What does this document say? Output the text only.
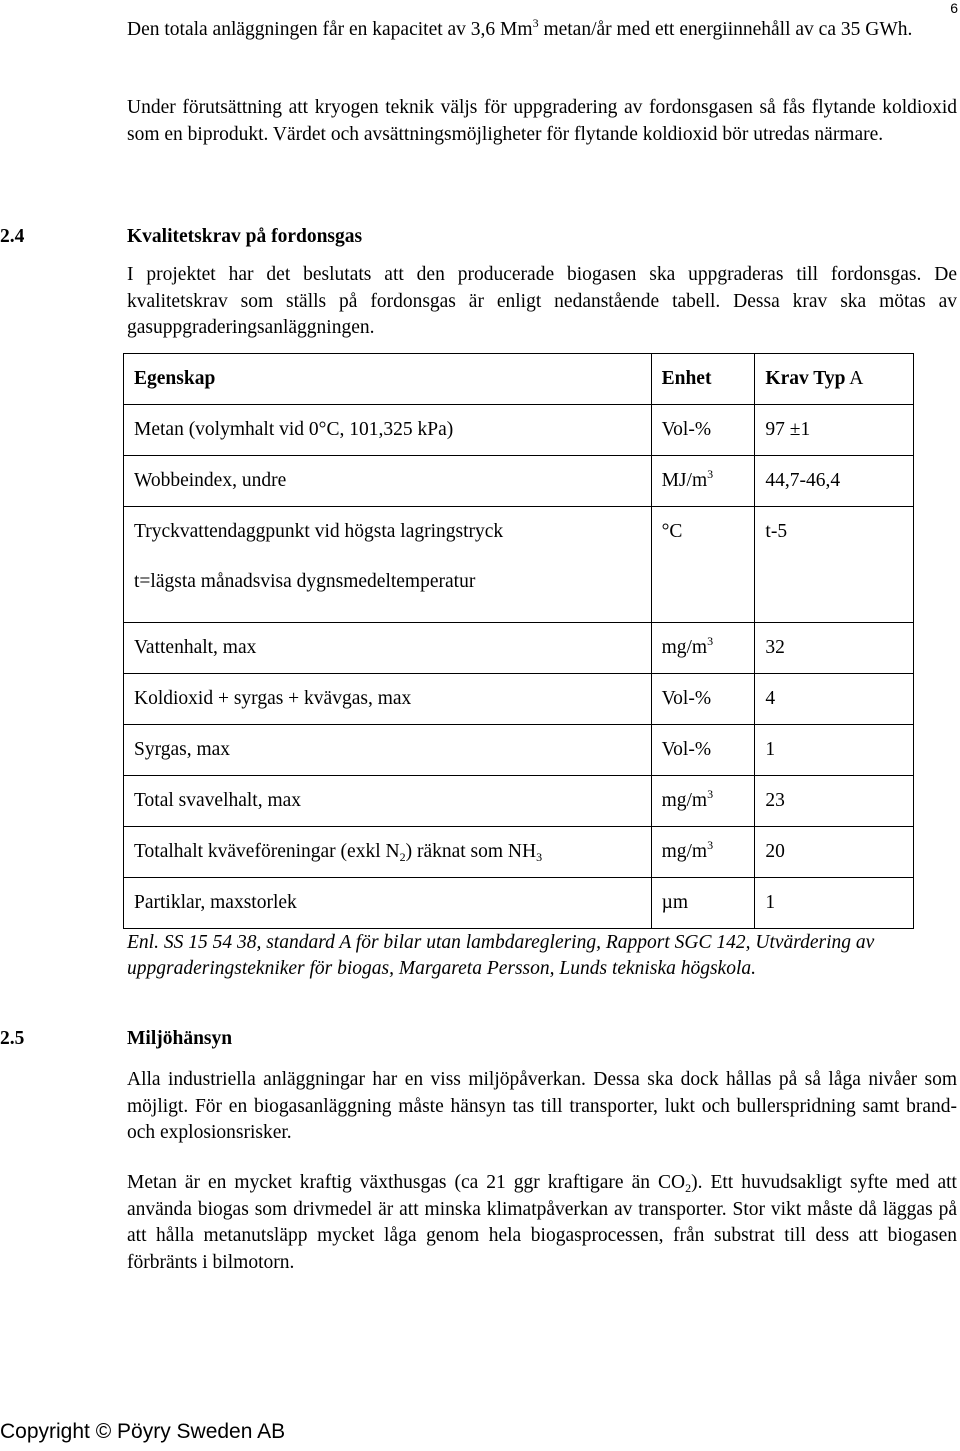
6

Den totala anläggningen får en kapacitet av 3,6 Mm$^3$ metan/år med ett energiinnehåll av ca 35 GWh.

Under förutsättning att kryogen teknik väljs för uppgradering av fordonsgasen så fås flytande koldioxid som en biprodukt. Värdet och avsättningsmöjligheter för flytande koldioxid bör utredas närmare.

2.4	Kvalitetskrav på fordonsgas

I projektet har det beslutats att den producerade biogasen ska uppgraderas till fordonsgas. De kvalitetskrav som ställs på fordonsgas är enligt nedanstående tabell. Dessa krav ska mötas av gasuppgraderingsanläggningen.

Egenskap	Enhet	Krav Typ A
Metan (volymhalt vid 0°C, 101,325 kPa)	Vol-%	97 ±1
Wobbeindex, undre	$MJ/m^3$	44,7-46,4

Tryckvattendaggpunkt vid högsta lagringstryck
t=lägsta månadsvisa dygnsmedeltemperatur	°C	t-5
Vattenhalt, max	$mg/m^3$	32
Koldioxid + syrgas + kvävgas, max	Vol-%	4
Syrgas, max	Vol-%	1
Total svavelhalt, max	$mg/m^3$	23
Totalhalt kväveföreningar (exkl $N_2$) räknat som $NH_3$	$mg/m^3$	20
Partiklar, maxstorlek	µm	1

Enl. SS 15 54 38, standard A för bilar utan lambdareglering, Rapport SGC 142, Utvärdering av uppgraderingstekniker för biogas, Margareta Persson, Lunds tekniska högskola.

2.5	Miljöhänsyn

Alla industriella anläggningar har en viss miljöpåverkan. Dessa ska dock hållas på så låga nivåer som möjligt. För en biogasanläggning måste hänsyn tas till transporter, lukt och bullerspridning samt brand- och explosionsrisker.

Metan är en mycket kraftig växthusgas (ca 21 ggr kraftigare än $CO_2$). Ett huvudsakligt syfte med att använda biogas som drivmedel är att minska klimatpåverkan av transporter. Stor vikt måste då läggas på att hålla metanutsläpp mycket låga genom hela biogasprocessen, från substrat till dess att biogasen förbränts i bilmotorn.

Copyright © Pöyry Sweden AB
